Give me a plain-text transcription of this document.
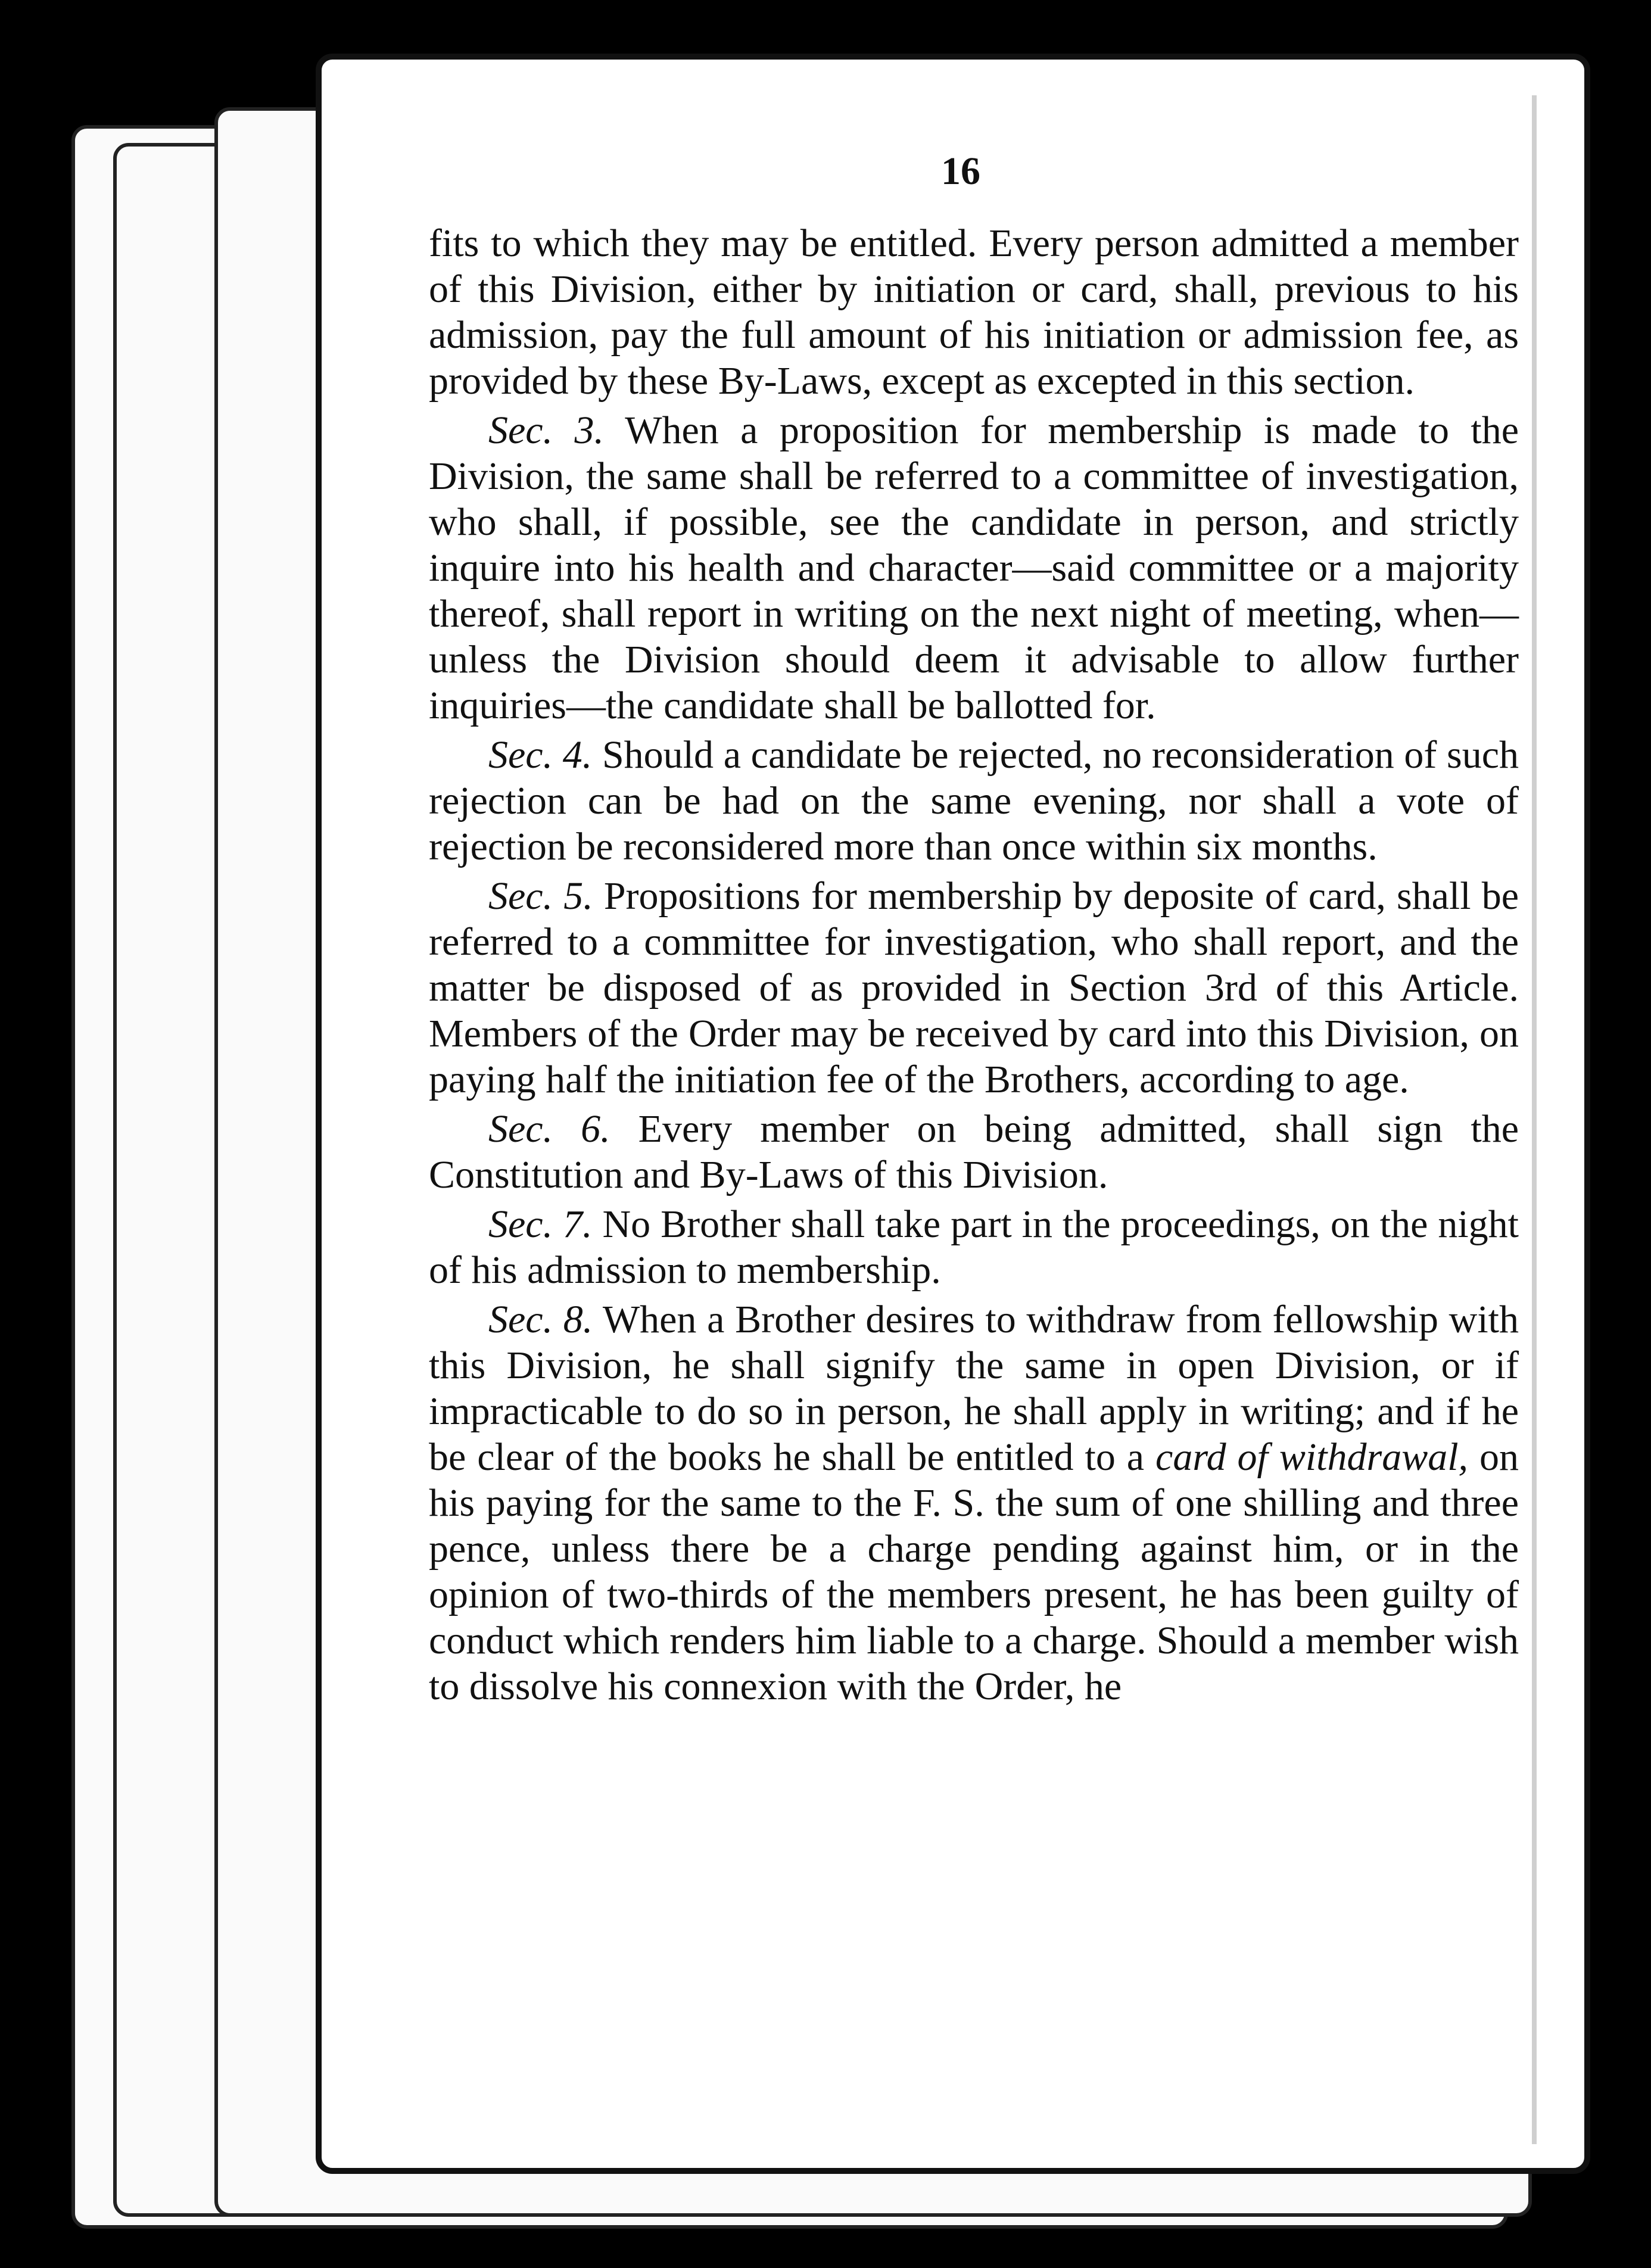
16

fits to which they may be entitled. Every person admitted a member of this Division, either by initiation or card, shall, previous to his admission, pay the full amount of his initiation or admission fee, as provided by these By-Laws, except as excepted in this section.

Sec. 3. When a proposition for membership is made to the Division, the same shall be referred to a committee of investigation, who shall, if possible, see the candidate in person, and strictly inquire into his health and character—said committee or a majority thereof, shall report in writing on the next night of meeting, when—unless the Division should deem it advisable to allow further inquiries—the candidate shall be ballotted for.

Sec. 4. Should a candidate be rejected, no reconsideration of such rejection can be had on the same evening, nor shall a vote of rejection be reconsidered more than once within six months.

Sec. 5. Propositions for membership by deposite of card, shall be referred to a committee for investigation, who shall report, and the matter be disposed of as provided in Section 3rd of this Article. Members of the Order may be received by card into this Division, on paying half the initiation fee of the Brothers, according to age.

Sec. 6. Every member on being admitted, shall sign the Constitution and By-Laws of this Division.

Sec. 7. No Brother shall take part in the proceedings, on the night of his admission to membership.

Sec. 8. When a Brother desires to withdraw from fellowship with this Division, he shall signify the same in open Division, or if impracticable to do so in person, he shall apply in writing; and if he be clear of the books he shall be entitled to a card of withdrawal, on his paying for the same to the F. S. the sum of one shilling and three pence, unless there be a charge pending against him, or in the opinion of two-thirds of the members present, he has been guilty of conduct which renders him liable to a charge. Should a member wish to dissolve his connexion with the Order, he
